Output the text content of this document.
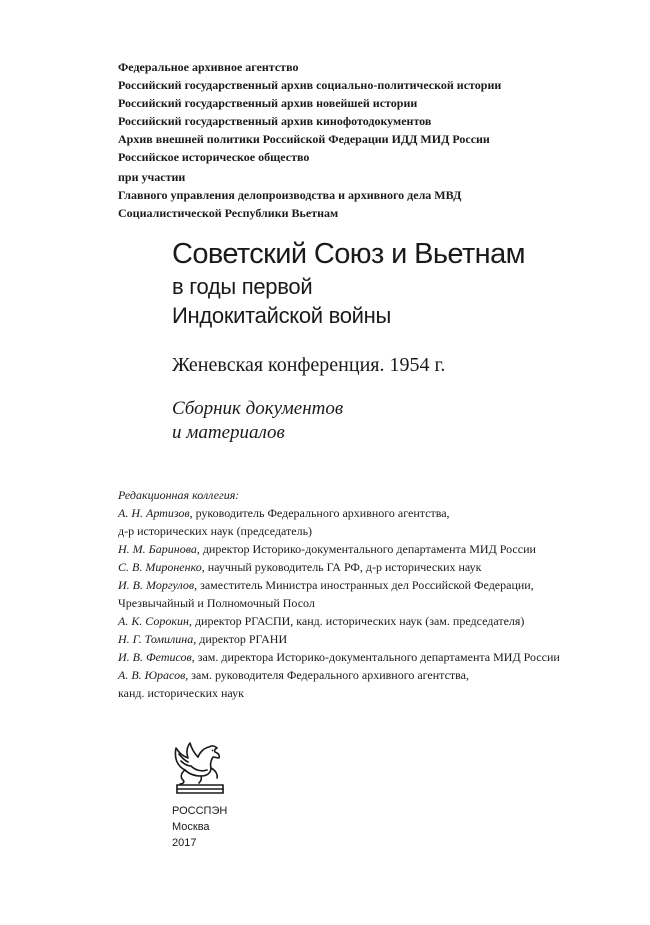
Федеральное архивное агентство
Российский государственный архив социально-политической истории
Российский государственный архив новейшей истории
Российский государственный архив кинофотодокументов
Архив внешней политики Российской Федерации ИДД МИД России
Российское историческое общество
при участии
Главного управления делопроизводства и архивного дела МВД
Социалистической Республики Вьетнам
Советский Союз и Вьетнам
в годы первой
Индокитайской войны
Женевская конференция. 1954 г.
Сборник документов
и материалов
Редакционная коллегия:
А. Н. Артизов, руководитель Федерального архивного агентства,
д-р исторических наук (председатель)
Н. М. Баринова, директор Историко-документального департамента МИД России
С. В. Мироненко, научный руководитель ГА РФ, д-р исторических наук
И. В. Моргулов, заместитель Министра иностранных дел Российской Федерации,
Чрезвычайный и Полномочный Посол
А. К. Сорокин, директор РГАСПИ, канд. исторических наук (зам. председателя)
Н. Г. Томилина, директор РГАНИ
И. В. Фетисов, зам. директора Историко-документального департамента МИД России
А. В. Юрасов, зам. руководителя Федерального архивного агентства,
канд. исторических наук
РОССПЭН
Москва
2017
